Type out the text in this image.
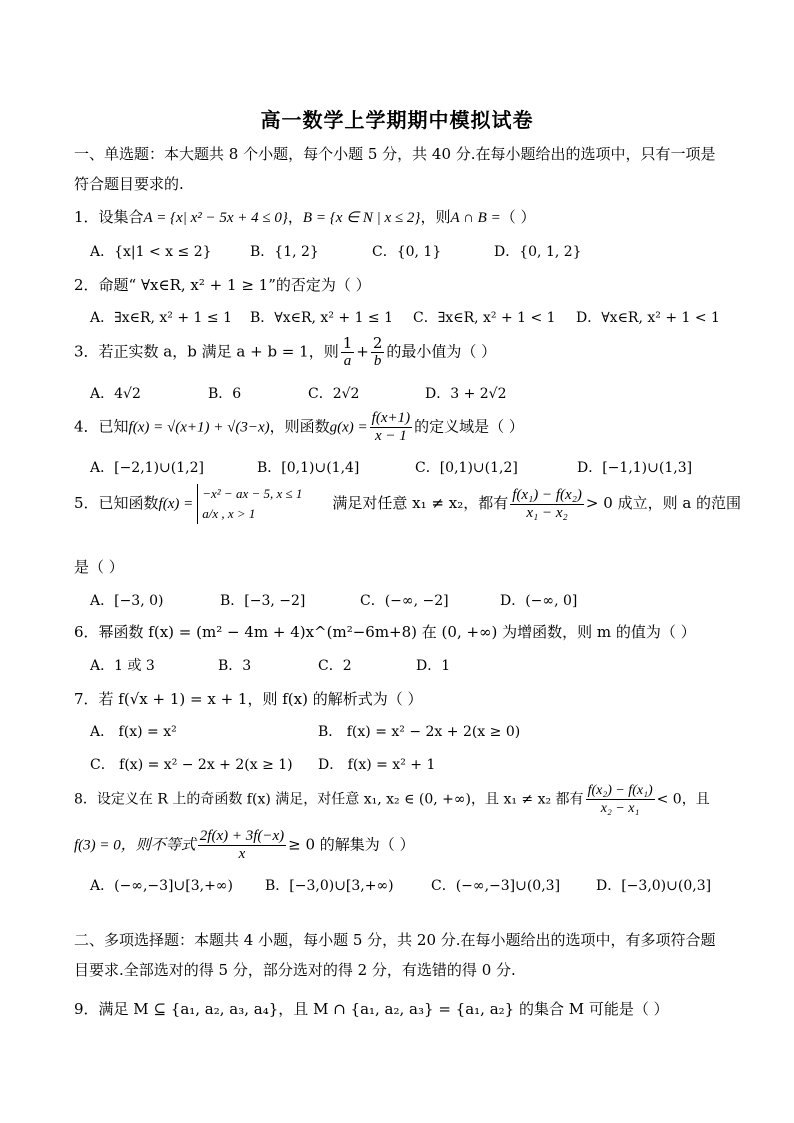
高一数学上学期期中模拟试卷
一、单选题：本大题共 8 个小题，每个小题 5 分，共 40 分.在每小题给出的选项中，只有一项是符合题目要求的.
1．设集合A = {x| x² − 5x + 4 ≤ 0}，B = {x ∈ N | x ≤ 2}，则A ∩ B =（ ）
A．{x|1 < x ≤ 2}	B．{1, 2}	C．{0, 1}	D．{0, 1, 2}
2．命题“ ∀x∈R, x² + 1 ≥ 1”的否定为（ ）
A．∃x∈R, x² + 1 ≤ 1 B．∀x∈R, x² + 1 ≤ 1 C．∃x∈R, x² + 1 < 1 D．∀x∈R, x² + 1 < 1
3．若正实数 a，b 满足 a + b = 1，则 $\frac{1}{a} + \frac{2}{b}$ 的最小值为（ ）
A．4√2	B．6	C．2√2	D．3 + 2√2
4．已知f(x) = √(x+1) + √(3−x)，则函数$g(x) = \frac{f(x+1)}{x - 1}$ 的定义域是（ ）
A．[−2,1)∪(1,2]	B．[0,1)∪(1,4]	C．[0,1)∪(1,2]	D．[−1,1)∪(1,3]
5．已知函数f(x) =
−x² − ax − 5, x ≤ 1
a/x , x > 1
满足对任意 x₁ ≠ x₂，都有 $\frac{\text{f(x₁) − f(x₂)}}{\text{x₁ − x₂}} > 0$ 成立，则 a 的范围
是（ ）
A．[−3, 0)	B．[−3, −2]	C．(−∞, −2]	D．(−∞, 0]
6．幂函数 f(x) = (m² − 4m + 4)x^(m²−6m+8) 在 (0, +∞) 为增函数，则 m 的值为（ ）
A．1 或 3	B．3	C．2	D．1
7．若 f(√x + 1) = x + 1，则 f(x) 的解析式为（ ）
A． f(x) = x²	B． f(x) = x² − 2x + 2(x ≥ 0)
C． f(x) = x² − 2x + 2(x ≥ 1) D． f(x) = x² + 1
8．设定义在 R 上的奇函数 f(x) 满足，对任意 x₁, x₂ ∈ (0, +∞)，且 x₁ ≠ x₂ 都有 $\frac{\text{f(x₂) − f(x₁)}}{\text{x₂ − x₁}} < 0$，且
f(3) = 0，则不等式 $\frac{2f(x) + 3f(-x)}{x} \ge 0$ 的解集为（ ）
A．(−∞,−3]∪[3,+∞) B．[−3,0)∪[3,+∞)	C．(−∞,−3]∪(0,3]	D．[−3,0)∪(0,3]
二、多项选择题：本题共 4 小题，每小题 5 分，共 20 分.在每小题给出的选项中，有多项符合题目要求.全部选对的得 5 分，部分选对的得 2 分，有选错的得 0 分.
9．满足 M ⊆ {a₁, a₂, a₃, a₄}，且 M ∩ {a₁, a₂, a₃} = {a₁, a₂} 的集合 M 可能是（ ）
